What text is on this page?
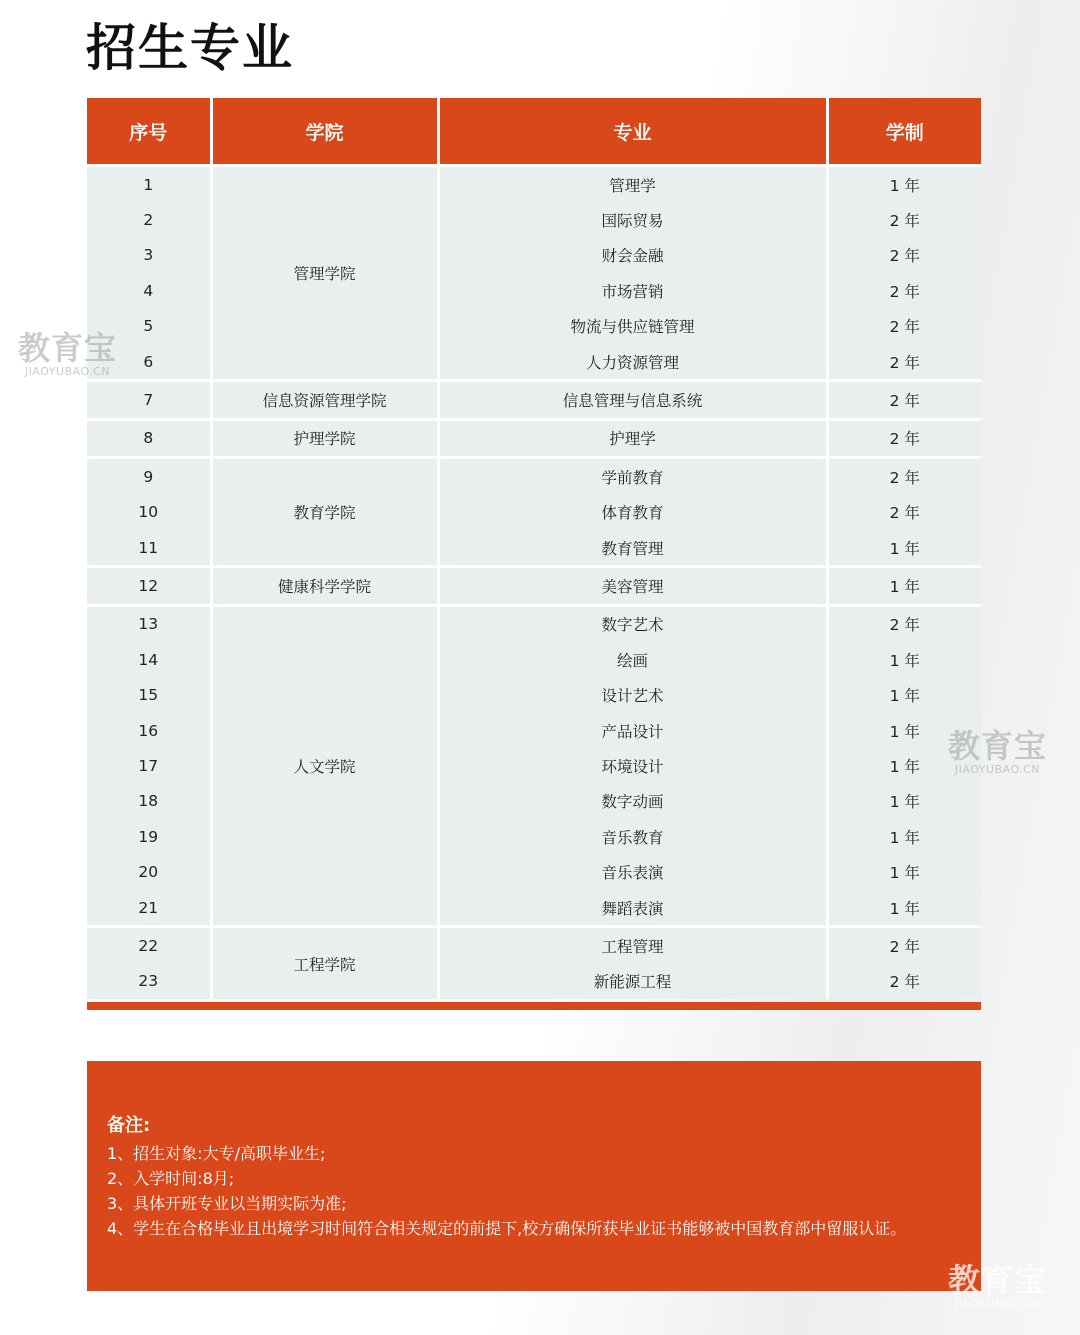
招生专业
序号	学院	专业	学制
1	管理学院	管理学	1 年
2		国际贸易	2 年
3		财会金融	2 年
4		市场营销	2 年
5		物流与供应链管理	2 年
6		人力资源管理	2 年
7	信息资源管理学院	信息管理与信息系统	2 年
8	护理学院	护理学	2 年
9	教育学院	学前教育	2 年
10		体育教育	2 年
11		教育管理	1 年
12	健康科学学院	美容管理	1 年
13	人文学院	数字艺术	2 年
14		绘画	1 年
15		设计艺术	1 年
16		产品设计	1 年
17		环境设计	1 年
18		数字动画	1 年
19		音乐教育	1 年
20		音乐表演	1 年
21		舞蹈表演	1 年
22	工程学院	工程管理	2 年
23		新能源工程	2 年
备注:
1、招生对象:大专/高职毕业生;
2、入学时间:8月;
3、具体开班专业以当期实际为准;
4、学生在合格毕业且出境学习时间符合相关规定的前提下,校方确保所获毕业证书能够被中国教育部中留服认证。
教育宝
JIAOYUBAO.CN
教育宝
JIAOYUBAO.CN
教育宝
JIAOYUBAO.CN
